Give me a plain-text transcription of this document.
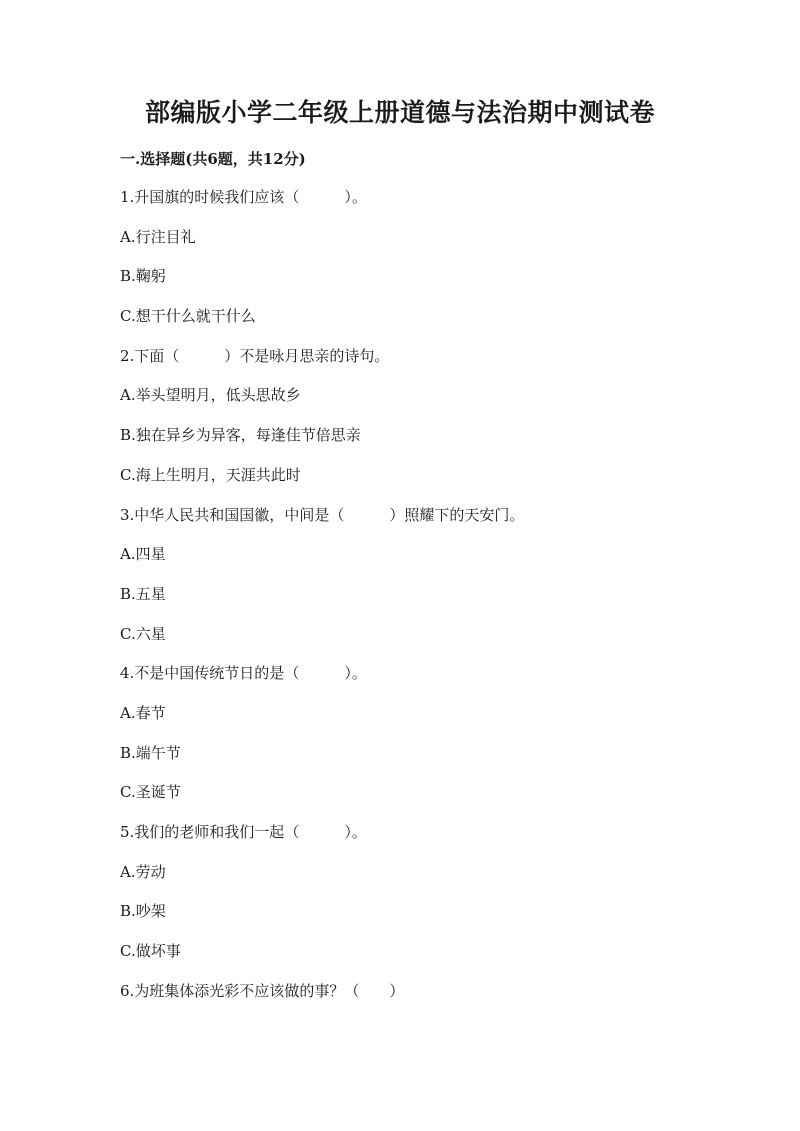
部编版小学二年级上册道德与法治期中测试卷
一.选择题(共6题，共12分)
1.升国旗的时候我们应该（　　　）。
A.行注目礼
B.鞠躬
C.想干什么就干什么
2.下面（　　　）不是咏月思亲的诗句。
A.举头望明月，低头思故乡
B.独在异乡为异客，每逢佳节倍思亲
C.海上生明月，天涯共此时
3.中华人民共和国国徽，中间是（　　　）照耀下的天安门。
A.四星
B.五星
C.六星
4.不是中国传统节日的是（　　　）。
A.春节
B.端午节
C.圣诞节
5.我们的老师和我们一起（　　　）。
A.劳动
B.吵架
C.做坏事
6.为班集体添光彩不应该做的事？（　　）
